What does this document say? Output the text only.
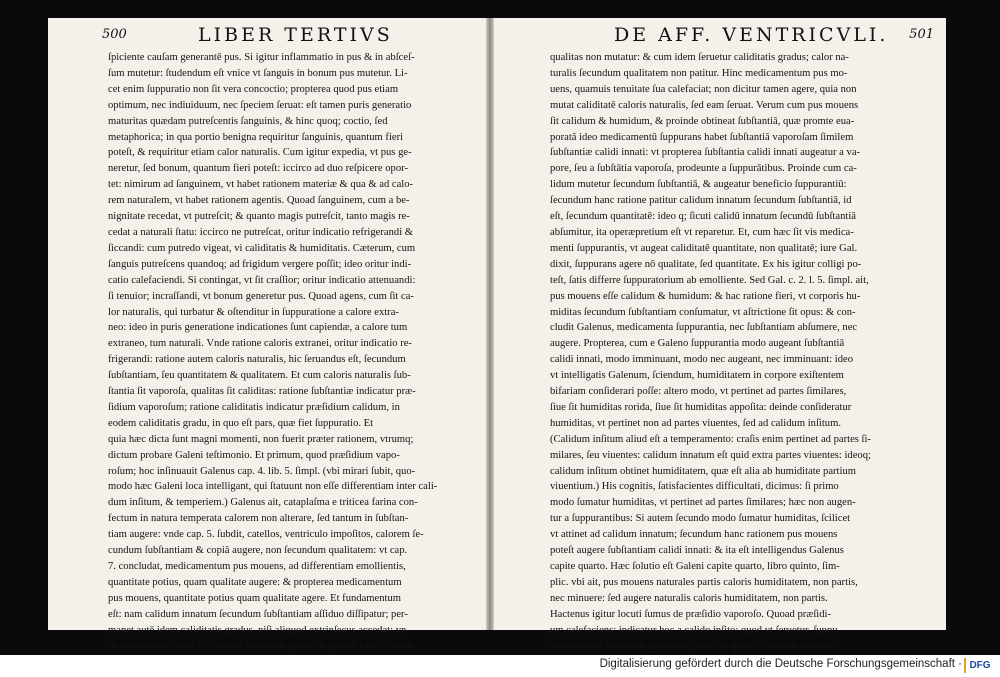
500	LIBER TERTIVS
ſpiciente cauſam generantē pus. Si igitur inflammatio in pus & in abſceſ-
ſum mutetur: ſtudendum eſt vnice vt ſanguis in bonum pus mutetur. Li-
cet enim ſuppuratio non ſit vera concoctio; propterea quod pus etiam
optimum, nec indiuiduum, nec ſpeciem ſeruat: eſt tamen puris generatio
maturitas quædam putreſcentis ſanguinis, & hinc quoq; coctio, ſed
metaphorica; in qua portio benigna requiritur ſanguinis, quantum fieri
poteſt, & requiritur etiam calor naturalis. Cum igitur expedia, vt pus ge-
neretur, ſed bonum, quantum fieri poteſt: iccirco ad duo reſpicere opor-
tet: nimirum ad ſanguinem, vt habet rationem materiæ & qua & ad calo-
rem naturalem, vt habet rationem agentis. Quoad ſanguinem, cum a be-
nignitate recedat, vt putreſcit; & quanto magis putreſcit, tanto magis re-
cedat a naturali ſtatu: iccirco ne putreſcat, oritur indicatio refrigerandi &
ſiccandi: cum putredo vigeat, vi caliditatis & humiditatis. Cæterum, cum
ſanguis putreſcens quandoq; ad frigidum vergere poſſit; ideo oritur indi-
catio calefaciendi. Si contingat, vt ſit craſſior; oritur indicatio attenuandi:
ſi tenuior; incraſſandi, vt bonum generetur pus. Quoad agens, cum ſit ca-
lor naturalis, qui turbatur & oſtenditur in ſuppuratione a calore extra-
neo: ideo in puris generatione indicationes ſunt capiendæ, a calore tum
extraneo, tum naturali. Vnde ratione caloris extranei, oritur indicatio re-
frigerandi: ratione autem caloris naturalis, hic ſeruandus eſt, ſecundum
ſubſtantiam, ſeu quantitatem & qualitatem. Et cum caloris naturalis ſub-
ſtantia ſit vaporoſa, qualitas ſit caliditas: ratione ſubſtantiæ indicatur præ-
ſidium vaporoſum; ratione caliditatis indicatur præſidium calidum, in
eodem caliditatis gradu, in quo eſt pars, quæ fiet ſuppuratio. Et
quia hæc dicta ſunt magni momenti, non fuerit præter rationem, vtrumq;
dictum probare Galeni teſtimonio. Et primum, quod præſidium vapo-
roſum; hoc inſinuauit Galenus cap. 4. lib. 5. ſimpl. (vbi mirari ſubit, quo-
modo hæc Galeni loca intelligant, qui ſtatuunt non eſſe differentiam inter cali-
dum inſitum, & temperiem.) Galenus ait, cataplaſma e triticea farina con-
fectum in natura temperata calorem non alterare, ſed tantum in ſubſtan-
tiam augere: vnde cap. 5. ſubdit, catellos, ventriculo impoſitos, calorem ſe-
cundum ſubſtantiam & copiā augere, non ſecundum qualitatem: vt cap.
7. concludat, medicamentum pus mouens, ad differentiam emollientis,
quantitate potius, quam qualitate augere: & propterea medicamentum
pus mouens, quantitate potius quam qualitate agere. Et fundamentum
eſt: nam calidum innatum ſecundum ſubſtantiam aſſiduo diſſipatur; per-
manet autē idem caliditatis gradus, niſi aliquod extrinſecus accedat: vn-
de pus mouens, cum ſit calidum in eodem gradu, in quo eſt calor; caloris
DE AFF. VENTRICVLI. 501
qualitas non mutatur: & cum idem ſeruetur caliditatis gradus; calor na-
turalis ſecundum qualitatem non patitur. Hinc medicamentum pus mo-
uens, quamuis tenuitate ſua calefaciat; non dicitur tamen agere, quia non
mutat caliditatē caloris naturalis, ſed eam ſeruat. Verum cum pus mouens
ſit calidum & humidum, & proinde obtineat ſubſtantiā, quæ promte eua-
poratâ ideo medicamentū ſuppurans habet ſubſtantiā vaporoſam ſimilem
ſubſtantiæ calidi innati: vt propterea ſubſtantia calidi innati augeatur a va-
pore, ſeu a ſubſtātia vaporoſa, prodeunte a ſuppurātibus. Proinde cum ca-
lidum mutetur ſecundum ſubſtantiā, & augeatur beneficio ſuppurantiū:
ſecundum hanc ratione patitur calidum innatum ſecundum ſubſtantiā, id
eſt, ſecundum quantitatē: ideo q; ſicuti calidū innatum ſecundū ſubſtantiā
abſumitur, ita operæpretium eſt vt reparetur. Et, cum hæc ſit vis medica-
menti ſuppurantis, vt augeat caliditatē quantitate, non qualitatē; iure Gal.
dixit, ſuppurans agere nō qualitate, ſed quantitate. Ex his igitur colligi po-
teſt, ſatis differre ſuppuratorium ab emolliente. Sed Gal. c. 2. l. 5. ſimpl. ait,
pus mouens eſſe calidum & humidum: & hac ratione fieri, vt corporis hu-
miditas ſecundum ſubſtantiam conſumatur, vt aſtrictione ſit opus: & con-
cludit Galenus, medicamenta ſuppurantia, nec ſubſtantiam abſumere, nec
augere. Propterea, cum e Galeno ſuppurantia modo augeant ſubſtantiā
calidi innati, modo imminuant, modo nec augeant, nec imminuant: ideo
vt intelligatis Galenum, ſciendum, humiditatem in corpore exiſtentem
bifariam conſiderari poſſe: altero modo, vt pertinet ad partes ſimilares,
ſiue ſit humiditas rorida, ſiue ſit humiditas appoſita: deinde conſideratur
humiditas, vt pertinet non ad partes viuentes, ſed ad calidum inſitum.
(Calidum inſitum aliud eſt a temperamento: craſis enim pertinet ad partes ſi-
milares, ſeu viuentes: calidum innatum eſt quid extra partes viuentes: ideoq;
calidum inſitum obtinet humiditatem, quæ eſt alia ab humiditate partium
viuentium.) His cognitis, ſatisfacientes difficultati, dicimus: ſi primo
modo ſumatur humiditas, vt pertinet ad partes ſimilares; hæc non augen-
tur a ſuppurantibus: Si autem ſecundo modo ſumatur humiditas, ſcilicet
vt attinet ad calidum innatum; ſecundum hanc rationem pus mouens
poteſt augere ſubſtantiam calidi innati: & ita eſt intelligendus Galenus
capite quarto. Hæc ſolutio eſt Galeni capite quarto, libro quinto, ſim-
plic. vbi ait, pus mouens naturales partis caloris humiditatem, non partis,
nec minuere: ſed augere naturalis caloris humiditatem, non partis.
Hactenus igitur locuti ſumus de præſidio vaporoſo. Quoad præſidi-
um calefaciens; indicatur hoc a calido inſito: quod vt ſeruetur, ſuppu-
rans poſtulat in eodem caliditatis gradu, in quo eſt calidum innatum.
Digitalisierung gefördert durch die Deutsche Forschungsgemeinschaft · DFG
